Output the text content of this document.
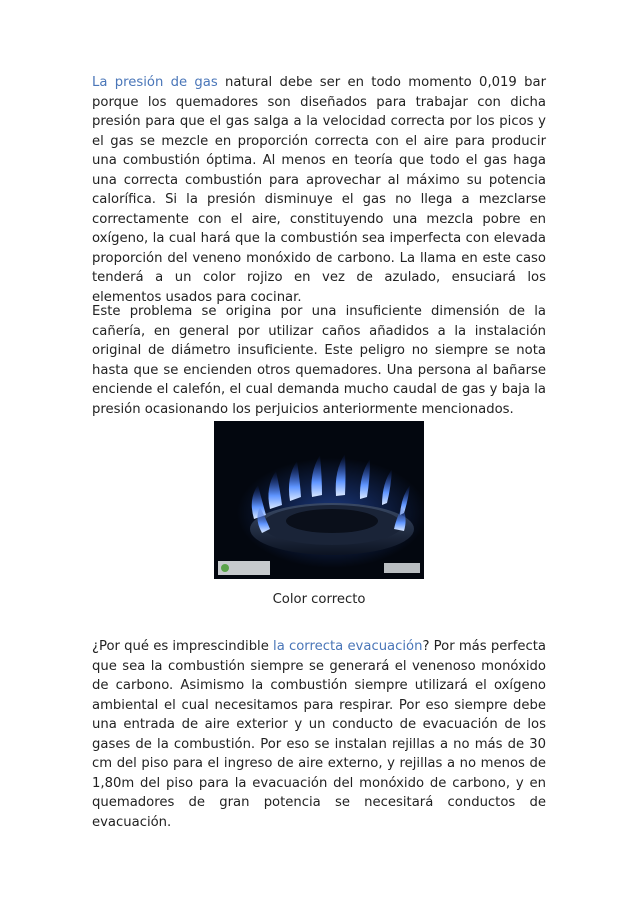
La presión de gas natural debe ser en todo momento 0,019 bar porque los quemadores son diseñados para trabajar con dicha presión para que el gas salga a la velocidad correcta por los picos y el gas se mezcle en proporción correcta con el aire para producir una combustión óptima. Al menos en teoría que todo el gas haga una correcta combustión para aprovechar al máximo su potencia calorífica. Si la presión disminuye el gas no llega a mezclarse correctamente con el aire, constituyendo una mezcla pobre en oxígeno, la cual hará que la combustión sea imperfecta con elevada proporción del veneno monóxido de carbono. La llama en este caso tenderá a un color rojizo en vez de azulado, ensuciará los elementos usados para cocinar.

Este problema se origina por una insuficiente dimensión de la cañería, en general por utilizar caños añadidos a la instalación original de diámetro insuficiente. Este peligro no siempre se nota hasta que se encienden otros quemadores. Una persona al bañarse enciende el calefón, el cual demanda mucho caudal de gas y baja la presión ocasionando los perjuicios anteriormente mencionados.

Color correcto

¿Por qué es imprescindible la correcta evacuación? Por más perfecta que sea la combustión siempre se generará el venenoso monóxido de carbono. Asimismo la combustión siempre utilizará el oxígeno ambiental el cual necesitamos para respirar. Por eso siempre debe una entrada de aire exterior y un conducto de evacuación de los gases de la combustión. Por eso se instalan rejillas a no más de 30 cm del piso para el ingreso de aire externo, y rejillas a no menos de 1,80m del piso para la evacuación del monóxido de carbono, y en quemadores de gran potencia se necesitará conductos de evacuación.
